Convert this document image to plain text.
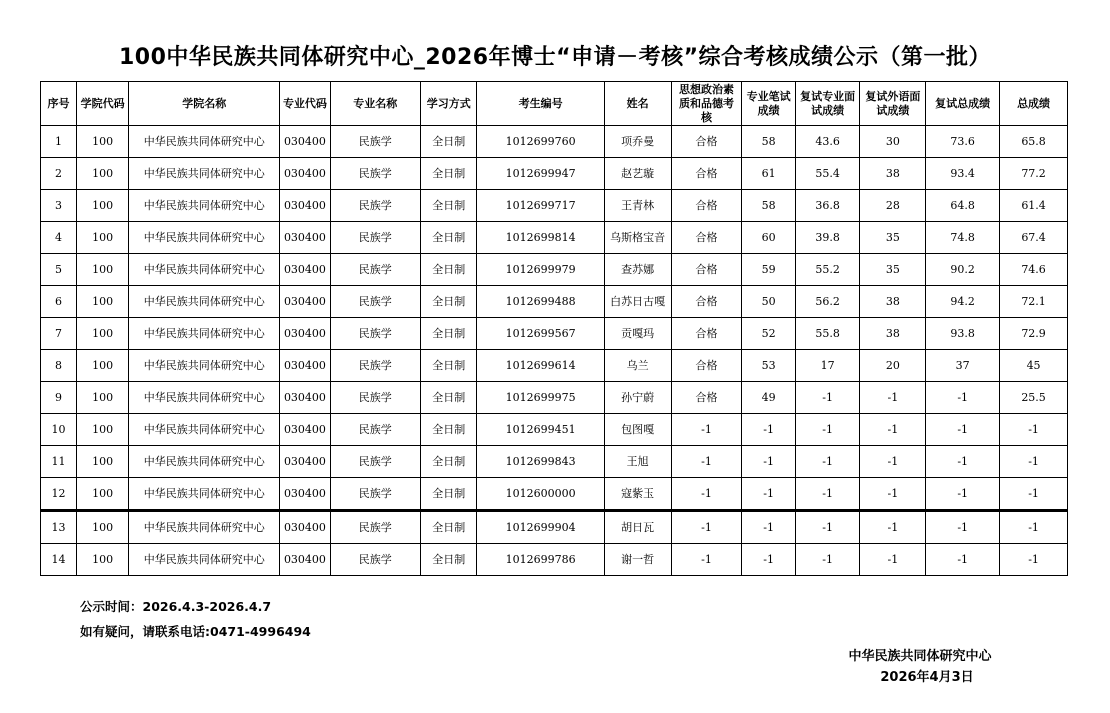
100中华民族共同体研究中心_2026年博士“申请－考核”综合考核成绩公示（第一批）
序号	学院代码	学院名称	专业代码	专业名称	学习方式	考生编号	姓名	思想政治素质和品德考核	专业笔试成绩	复试专业面试成绩	复试外语面试成绩	复试总成绩	总成绩
1	100	中华民族共同体研究中心	030400	民族学	全日制	1012699760	项乔曼	合格	58	43.6	30	73.6	65.8
2	100	中华民族共同体研究中心	030400	民族学	全日制	1012699947	赵艺璇	合格	61	55.4	38	93.4	77.2
3	100	中华民族共同体研究中心	030400	民族学	全日制	1012699717	王青林	合格	58	36.8	28	64.8	61.4
4	100	中华民族共同体研究中心	030400	民族学	全日制	1012699814	乌斯格宝音	合格	60	39.8	35	74.8	67.4
5	100	中华民族共同体研究中心	030400	民族学	全日制	1012699979	查苏娜	合格	59	55.2	35	90.2	74.6
6	100	中华民族共同体研究中心	030400	民族学	全日制	1012699488	白苏日古嘎	合格	50	56.2	38	94.2	72.1
7	100	中华民族共同体研究中心	030400	民族学	全日制	1012699567	贡嘎玛	合格	52	55.8	38	93.8	72.9
8	100	中华民族共同体研究中心	030400	民族学	全日制	1012699614	乌兰	合格	53	17	20	37	45
9	100	中华民族共同体研究中心	030400	民族学	全日制	1012699975	孙宁蔚	合格	49	-1	-1	-1	25.5
10	100	中华民族共同体研究中心	030400	民族学	全日制	1012699451	包图嘎	-1	-1	-1	-1	-1	-1
11	100	中华民族共同体研究中心	030400	民族学	全日制	1012699843	王旭	-1	-1	-1	-1	-1	-1
12	100	中华民族共同体研究中心	030400	民族学	全日制	1012600000	寇紫玉	-1	-1	-1	-1	-1	-1
13	100	中华民族共同体研究中心	030400	民族学	全日制	1012699904	胡日瓦	-1	-1	-1	-1	-1	-1
14	100	中华民族共同体研究中心	030400	民族学	全日制	1012699786	谢一哲	-1	-1	-1	-1	-1	-1
公示时间：2026.4.3-2026.4.7
如有疑问，请联系电话:0471-4996494
中华民族共同体研究中心
2026年4月3日
